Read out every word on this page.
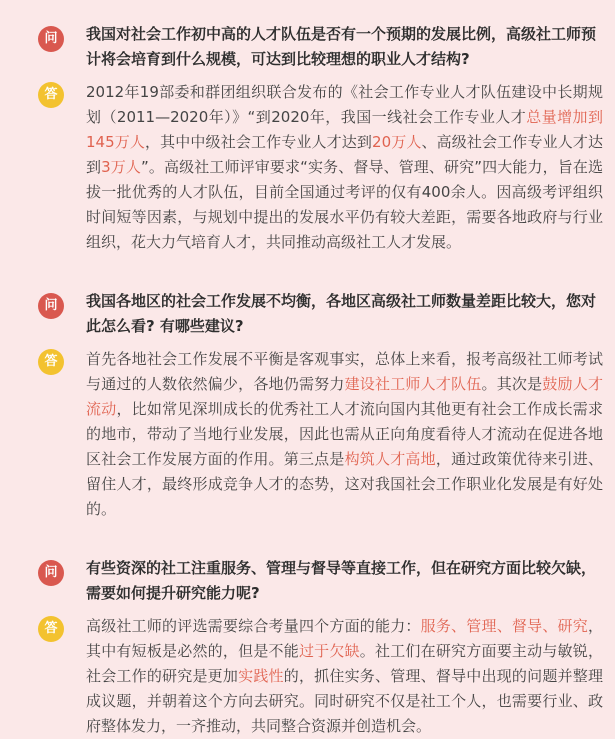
问	我国对社会工作初中高的人才队伍是否有一个预期的发展比例，高级社工师预计将会培育到什么规模，可达到比较理想的职业人才结构?
答	2012年19部委和群团组织联合发布的《社会工作专业人才队伍建设中长期规划（2011—2020年）》“到2020年，我国一线社会工作专业人才总量增加到145万人，其中中级社会工作专业人才达到20万人、高级社会工作专业人才达到3万人”。高级社工师评审要求“实务、督导、管理、研究”四大能力，旨在选拔一批优秀的人才队伍，目前全国通过考评的仅有400余人。因高级考评组织时间短等因素，与规划中提出的发展水平仍有较大差距，需要各地政府与行业组织，花大力气培育人才，共同推动高级社工人才发展。
问	我国各地区的社会工作发展不均衡，各地区高级社工师数量差距比较大，您对此怎么看? 有哪些建议?
答	首先各地社会工作发展不平衡是客观事实，总体上来看，报考高级社工师考试与通过的人数依然偏少，各地仍需努力建设社工师人才队伍。其次是鼓励人才流动，比如常见深圳成长的优秀社工人才流向国内其他更有社会工作成长需求的地市，带动了当地行业发展，因此也需从正向角度看待人才流动在促进各地区社会工作发展方面的作用。第三点是构筑人才高地，通过政策优待来引进、留住人才，最终形成竞争人才的态势，这对我国社会工作职业化发展是有好处的。
问	有些资深的社工注重服务、管理与督导等直接工作，但在研究方面比较欠缺，需要如何提升研究能力呢?
答	高级社工师的评选需要综合考量四个方面的能力：服务、管理、督导、研究，其中有短板是必然的，但是不能过于欠缺。社工们在研究方面要主动与敏锐，社会工作的研究是更加实践性的，抓住实务、管理、督导中出现的问题并整理成议题，并朝着这个方向去研究。同时研究不仅是社工个人，也需要行业、政府整体发力，一齐推动，共同整合资源并创造机会。
